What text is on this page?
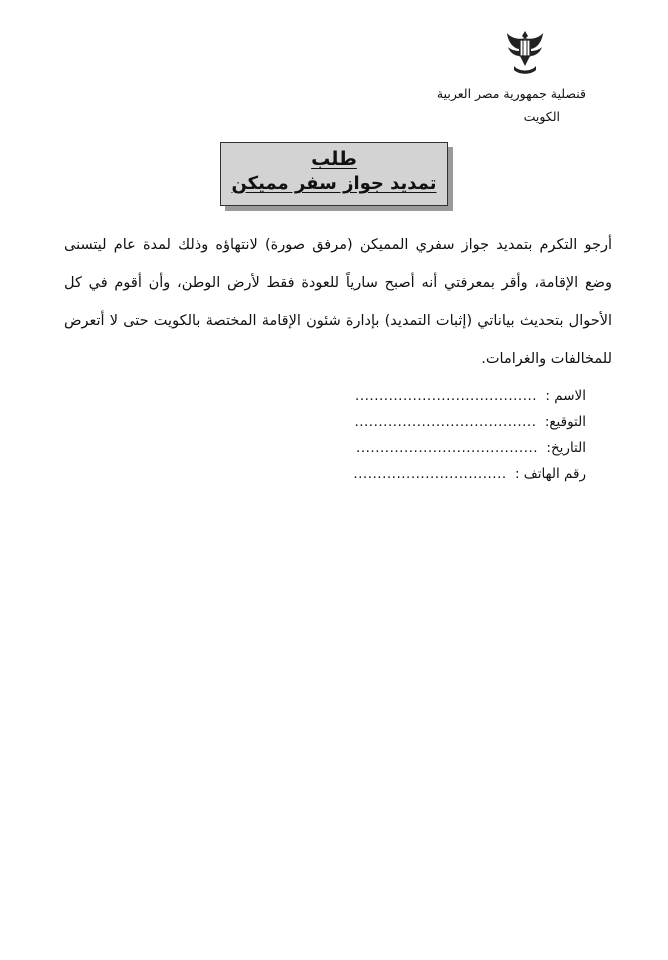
قنصلية جمهورية مصر العربية
الكويت
طلب
تمديد جواز سفر مميكن
أرجو التكرم بتمديد جواز سفري المميكن (مرفق صورة) لانتهاؤه وذلك لمدة عام ليتسنى وضع الإقامة، وأقر بمعرفتي أنه أصبح سارياً للعودة فقط لأرض الوطن، وأن أقوم في كل الأحوال بتحديث بياناتي (إثبات التمديد) بإدارة شئون الإقامة المختصة بالكويت حتى لا أتعرض للمخالفات والغرامات.
الاسم : ......................................
التوقيع: ......................................
التاريخ: ......................................
رقم الهاتف : ................................
